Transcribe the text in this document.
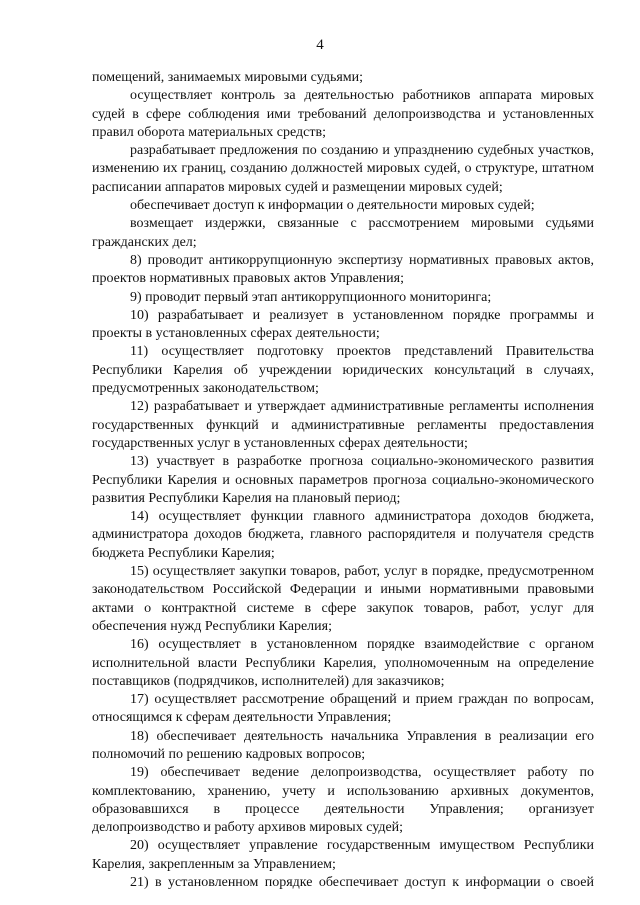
4

помещений, занимаемых мировыми судьями;

осуществляет контроль за деятельностью работников аппарата мировых судей в сфере соблюдения ими требований делопроизводства и установленных правил оборота материальных средств;

разрабатывает предложения по созданию и упразднению судебных участков, изменению их границ, созданию должностей мировых судей, о структуре, штатном расписании аппаратов мировых судей и размещении мировых судей;

обеспечивает доступ к информации о деятельности мировых судей;

возмещает издержки, связанные с рассмотрением мировыми судьями гражданских дел;

8) проводит антикоррупционную экспертизу нормативных правовых актов, проектов нормативных правовых актов Управления;

9) проводит первый этап антикоррупционного мониторинга;

10) разрабатывает и реализует в установленном порядке программы и проекты в установленных сферах деятельности;

11) осуществляет подготовку проектов представлений Правительства Республики Карелия об учреждении юридических консультаций в случаях, предусмотренных законодательством;

12) разрабатывает и утверждает административные регламенты исполнения государственных функций и административные регламенты предоставления государственных услуг в установленных сферах деятельности;

13) участвует в разработке прогноза социально-экономического развития Республики Карелия и основных параметров прогноза социально-экономического развития Республики Карелия на плановый период;

14) осуществляет функции главного администратора доходов бюджета, администратора доходов бюджета, главного распорядителя и получателя средств бюджета Республики Карелия;

15) осуществляет закупки товаров, работ, услуг в порядке, предусмотренном законодательством Российской Федерации и иными нормативными правовыми актами о контрактной системе в сфере закупок товаров, работ, услуг для обеспечения нужд Республики Карелия;

16) осуществляет в установленном порядке взаимодействие с органом исполнительной власти Республики Карелия, уполномоченным на определение поставщиков (подрядчиков, исполнителей) для заказчиков;

17) осуществляет рассмотрение обращений и прием граждан по вопросам, относящимся к сферам деятельности Управления;

18) обеспечивает деятельность начальника Управления в реализации его полномочий по решению кадровых вопросов;

19) обеспечивает ведение делопроизводства, осуществляет работу по комплектованию, хранению, учету и использованию архивных документов, образовавшихся в процессе деятельности Управления; организует делопроизводство и работу архивов мировых судей;

20) осуществляет управление государственным имуществом Республики Карелия, закрепленным за Управлением;

21) в установленном порядке обеспечивает доступ к информации о своей
